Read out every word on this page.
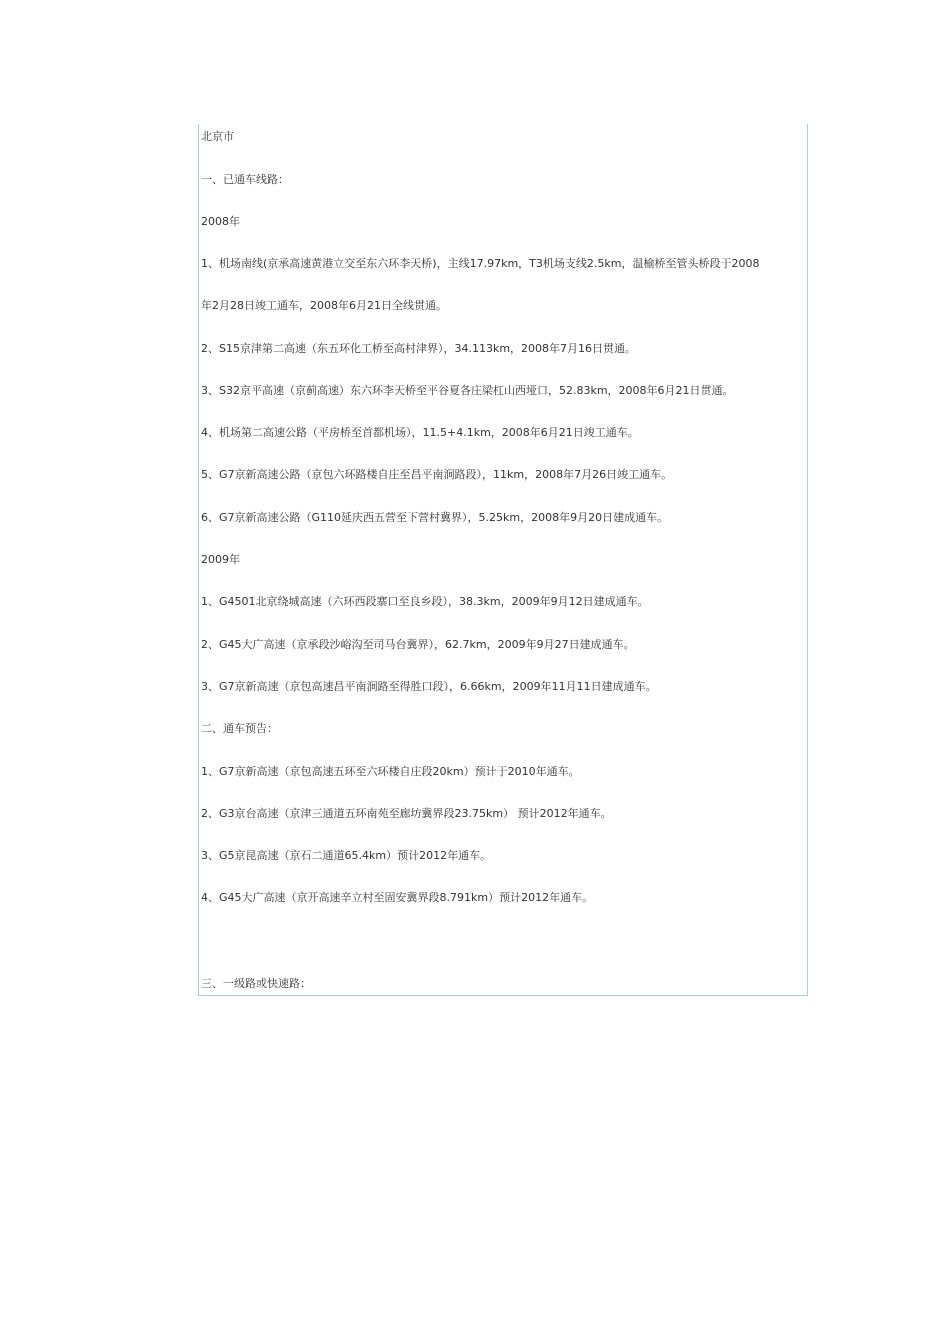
北京市
一、已通车线路：
2008年
1、机场南线(京承高速黄港立交至东六环李天桥)，主线17.97km，T3机场支线2.5km，温榆桥至管头桥段于2008
年2月28日竣工通车，2008年6月21日全线贯通。
2、S15京津第二高速（东五环化工桥至高村津界），34.113km，2008年7月16日贯通。
3、S32京平高速（京蓟高速）东六环李天桥至平谷夏各庄梁杠山西垭口，52.83km，2008年6月21日贯通。
4、机场第二高速公路（平房桥至首都机场），11.5+4.1km，2008年6月21日竣工通车。
5、G7京新高速公路（京包六环路楼自庄至昌平南涧路段），11km，2008年7月26日竣工通车。
6、G7京新高速公路（G110延庆西五营至下营村冀界），5.25km，2008年9月20日建成通车。
2009年
1、G4501北京绕城高速（六环西段寨口至良乡段），38.3km，2009年9月12日建成通车。
2、G45大广高速（京承段沙峪沟至司马台冀界），62.7km，2009年9月27日建成通车。
3、G7京新高速（京包高速昌平南涧路至得胜口段），6.66km，2009年11月11日建成通车。
二、通车预告：
1、G7京新高速（京包高速五环至六环楼自庄段20km）预计于2010年通车。
2、G3京台高速（京津三通道五环南苑至廊坊冀界段23.75km） 预计2012年通车。
3、G5京昆高速（京石二通道65.4km）预计2012年通车。
4、G45大广高速（京开高速辛立村至固安冀界段8.791km）预计2012年通车。
三、一级路或快速路：
